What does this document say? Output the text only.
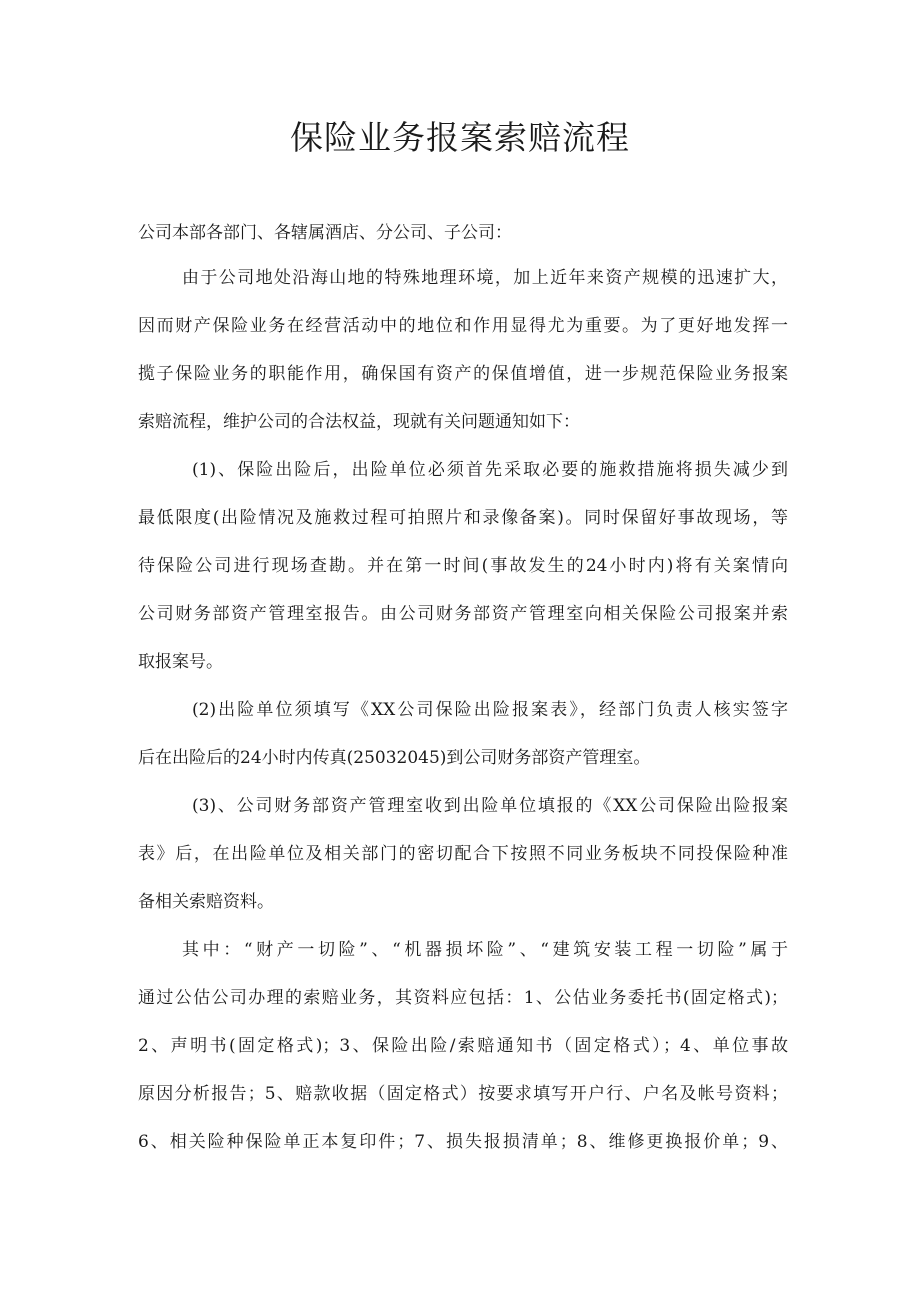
保险业务报案索赔流程

公司本部各部门、各辖属酒店、分公司、子公司：

由于公司地处沿海山地的特殊地理环境，加上近年来资产规模的迅速扩大，
因而财产保险业务在经营活动中的地位和作用显得尤为重要。为了更好地发挥一
揽子保险业务的职能作用，确保国有资产的保值增值，进一步规范保险业务报案
索赔流程，维护公司的合法权益，现就有关问题通知如下：

(1)、保险出险后，出险单位必须首先采取必要的施救措施将损失减少到
最低限度(出险情况及施救过程可拍照片和录像备案)。同时保留好事故现场，等
待保险公司进行现场查勘。并在第一时间(事故发生的24小时内)将有关案情向
公司财务部资产管理室报告。由公司财务部资产管理室向相关保险公司报案并索
取报案号。

(2)出险单位须填写《XX公司保险出险报案表》，经部门负责人核实签字
后在出险后的24小时内传真(25032045)到公司财务部资产管理室。

(3)、公司财务部资产管理室收到出险单位填报的《XX公司保险出险报案
表》后，在出险单位及相关部门的密切配合下按照不同业务板块不同投保险种准
备相关索赔资料。

其中：“财产一切险”、“机器损坏险”、“建筑安装工程一切险”属于
通过公估公司办理的索赔业务，其资料应包括：1、公估业务委托书(固定格式)；
2、声明书(固定格式)；3、保险出险/索赔通知书（固定格式）；4、单位事故
原因分析报告；5、赔款收据（固定格式）按要求填写开户行、户名及帐号资料；
6、相关险种保险单正本复印件；7、损失报损清单；8、维修更换报价单；9、
